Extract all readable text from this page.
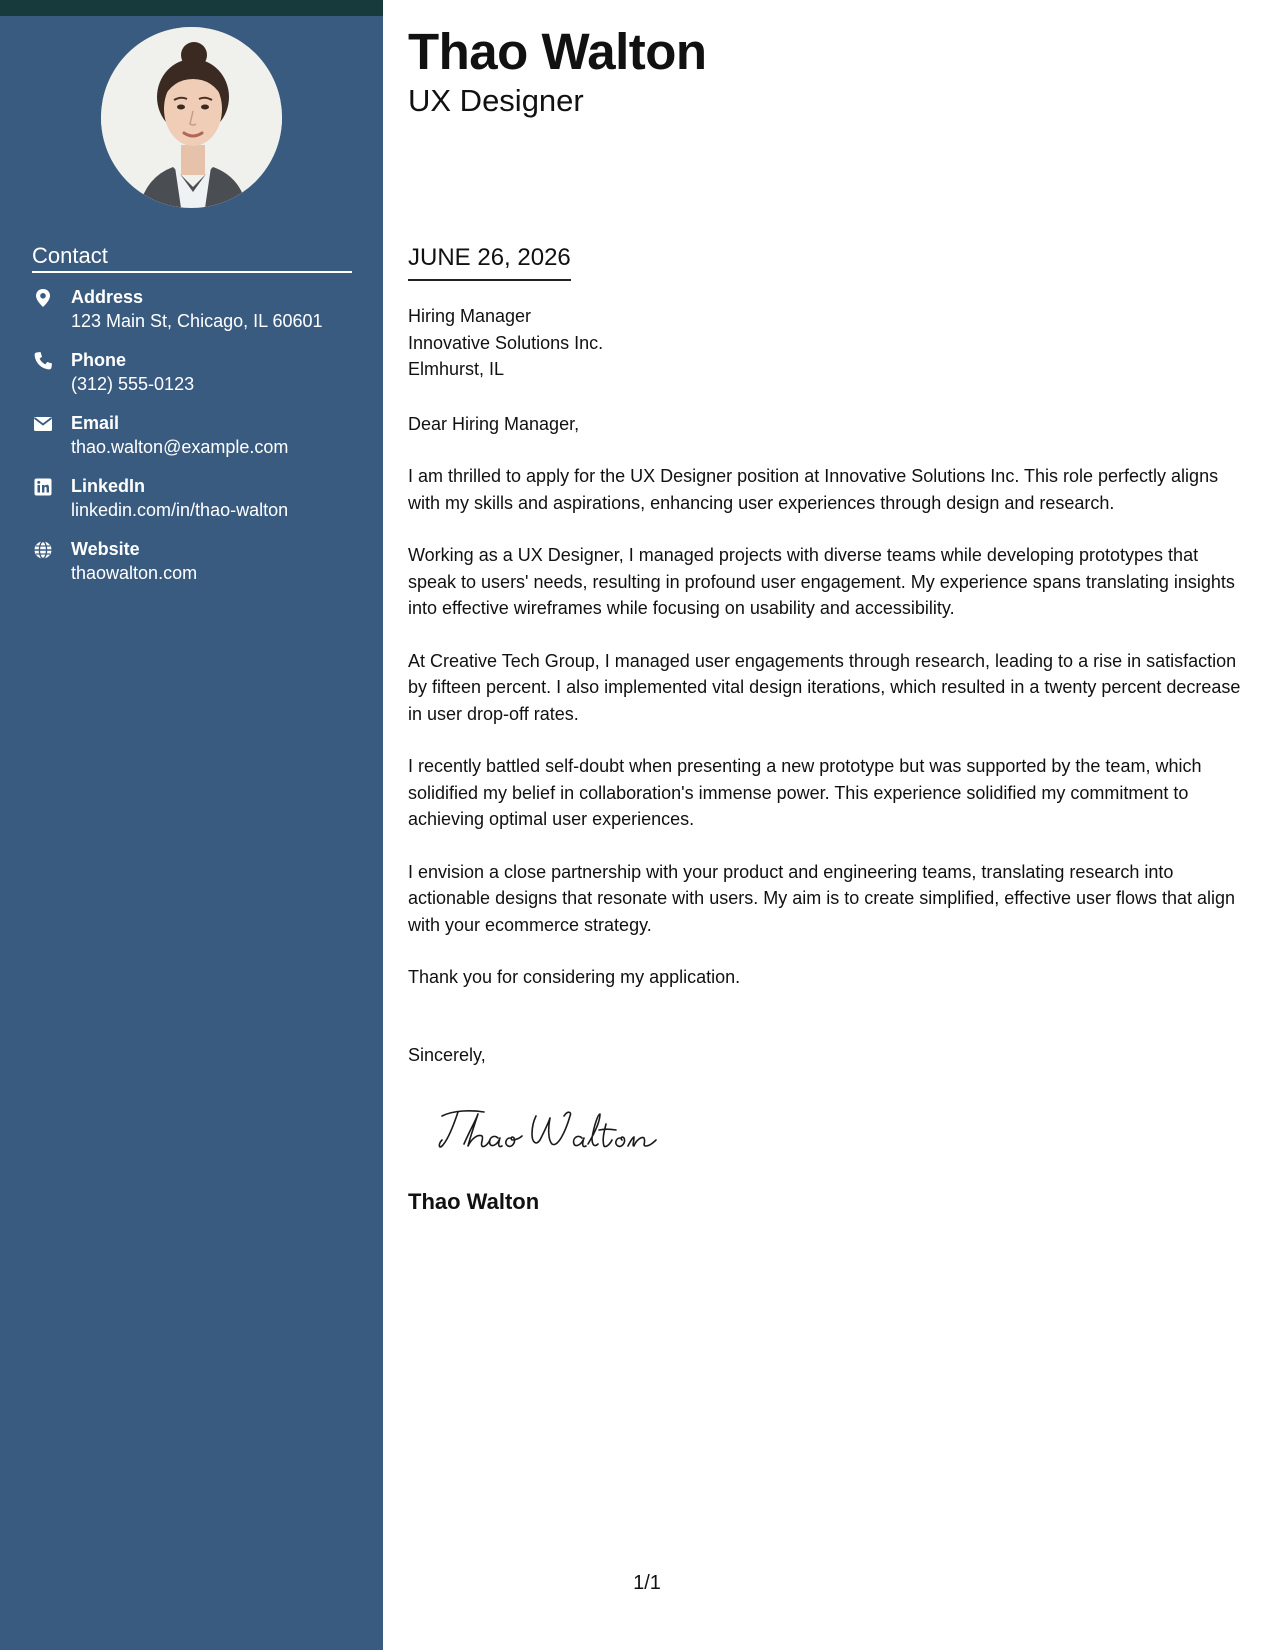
Contact
Address
123 Main St, Chicago, IL 60601
Phone
(312) 555-0123
Email
thao.walton@example.com
LinkedIn
linkedin.com/in/thao-walton
Website
thaowalton.com
Thao Walton
UX Designer
JUNE 26, 2026
Hiring Manager
Innovative Solutions Inc.
Elmhurst, IL
Dear Hiring Manager,

I am thrilled to apply for the UX Designer position at Innovative Solutions Inc. This role perfectly aligns with my skills and aspirations, enhancing user experiences through design and research.

Working as a UX Designer, I managed projects with diverse teams while developing prototypes that speak to users' needs, resulting in profound user engagement. My experience spans translating insights into effective wireframes while focusing on usability and accessibility.

At Creative Tech Group, I managed user engagements through research, leading to a rise in satisfaction by fifteen percent. I also implemented vital design iterations, which resulted in a twenty percent decrease in user drop-off rates.

I recently battled self-doubt when presenting a new prototype but was supported by the team, which solidified my belief in collaboration's immense power. This experience solidified my commitment to achieving optimal user experiences.

I envision a close partnership with your product and engineering teams, translating research into actionable designs that resonate with users. My aim is to create simplified, effective user flows that align with your ecommerce strategy.

Thank you for considering my application.

Sincerely,
Thao Walton
1/1
